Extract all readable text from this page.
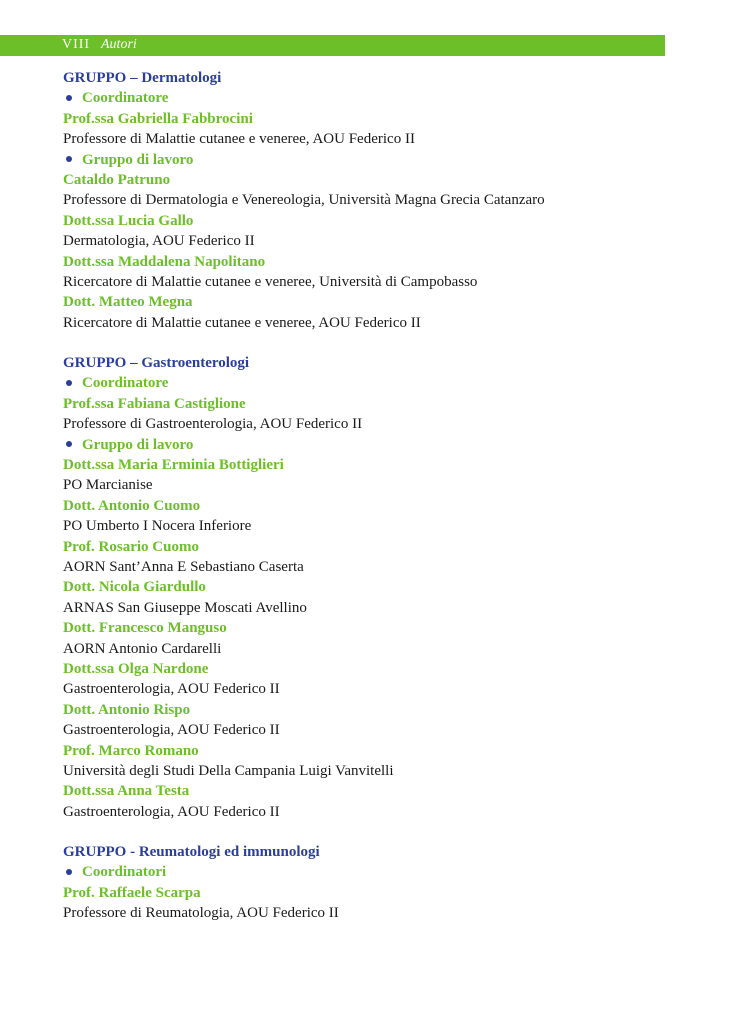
VIII Autori
GRUPPO – Dermatologi
Coordinatore
Prof.ssa Gabriella Fabbrocini
Professore di Malattie cutanee e veneree, AOU Federico II
Gruppo di lavoro
Cataldo Patruno
Professore di Dermatologia e Venereologia, Università Magna Grecia Catanzaro
Dott.ssa Lucia Gallo
Dermatologia, AOU Federico II
Dott.ssa Maddalena Napolitano
Ricercatore di Malattie cutanee e veneree, Università di Campobasso
Dott. Matteo Megna
Ricercatore di Malattie cutanee e veneree, AOU Federico II
GRUPPO – Gastroenterologi
Coordinatore
Prof.ssa Fabiana Castiglione
Professore di Gastroenterologia, AOU Federico II
Gruppo di lavoro
Dott.ssa Maria Erminia Bottiglieri
PO Marcianise
Dott. Antonio Cuomo
PO Umberto I Nocera Inferiore
Prof. Rosario Cuomo
AORN Sant’Anna E Sebastiano Caserta
Dott. Nicola Giardullo
ARNAS San Giuseppe Moscati Avellino
Dott. Francesco Manguso
AORN Antonio Cardarelli
Dott.ssa Olga Nardone
Gastroenterologia, AOU Federico II
Dott. Antonio Rispo
Gastroenterologia, AOU Federico II
Prof. Marco Romano
Università degli Studi Della Campania Luigi Vanvitelli
Dott.ssa Anna Testa
Gastroenterologia, AOU Federico II
GRUPPO - Reumatologi ed immunologi
Coordinatori
Prof. Raffaele Scarpa
Professore di Reumatologia, AOU Federico II
